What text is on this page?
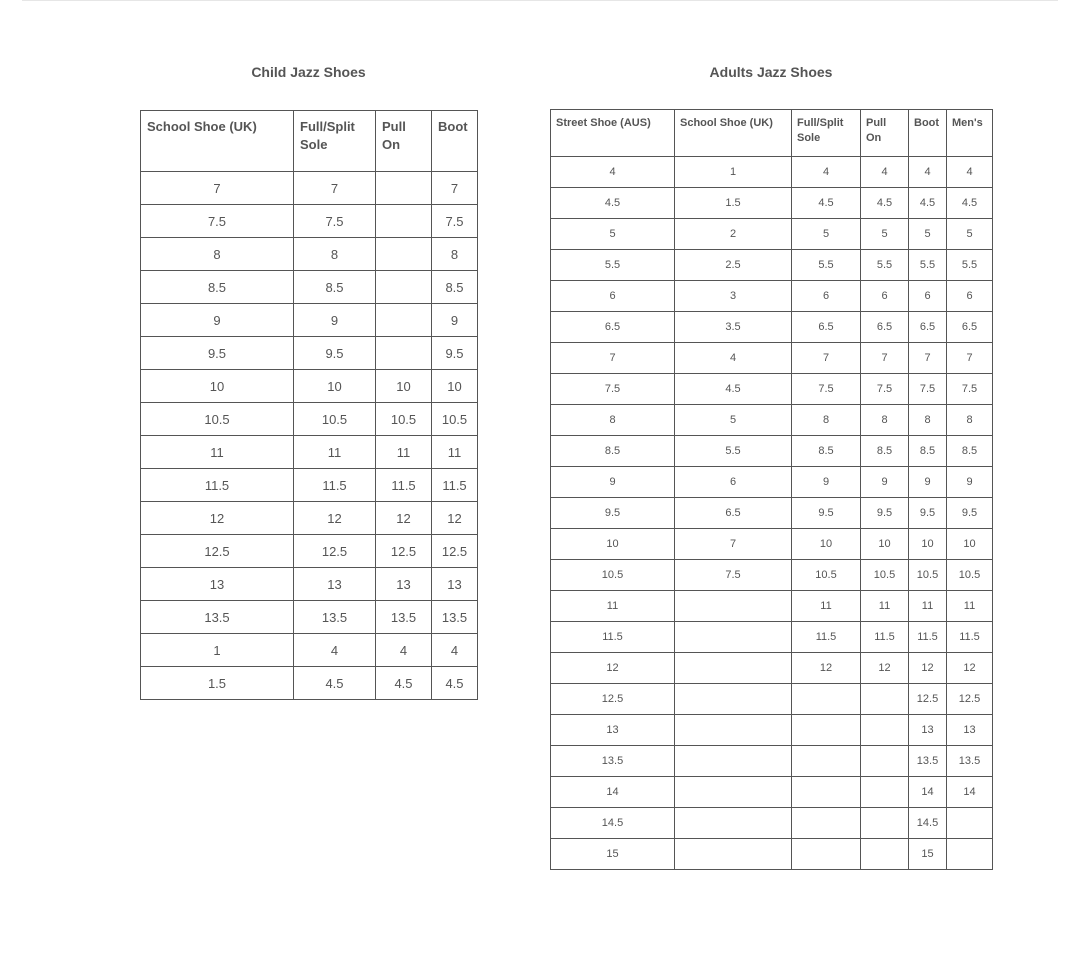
Child Jazz Shoes
School Shoe (UK)	Full/Split Sole	Pull On	Boot
7	7		7
7.5	7.5		7.5
8	8		8
8.5	8.5		8.5
9	9		9
9.5	9.5		9.5
10	10	10	10
10.5	10.5	10.5	10.5
11	11	11	11
11.5	11.5	11.5	11.5
12	12	12	12
12.5	12.5	12.5	12.5
13	13	13	13
13.5	13.5	13.5	13.5
1	4	4	4
1.5	4.5	4.5	4.5
Adults Jazz Shoes
Street Shoe (AUS)	School Shoe (UK)	Full/Split Sole	Pull On	Boot	Men's
4	1	4	4	4	4
4.5	1.5	4.5	4.5	4.5	4.5
5	2	5	5	5	5
5.5	2.5	5.5	5.5	5.5	5.5
6	3	6	6	6	6
6.5	3.5	6.5	6.5	6.5	6.5
7	4	7	7	7	7
7.5	4.5	7.5	7.5	7.5	7.5
8	5	8	8	8	8
8.5	5.5	8.5	8.5	8.5	8.5
9	6	9	9	9	9
9.5	6.5	9.5	9.5	9.5	9.5
10	7	10	10	10	10
10.5	7.5	10.5	10.5	10.5	10.5
11		11	11	11	11
11.5		11.5	11.5	11.5	11.5
12		12	12	12	12
12.5				12.5	12.5
13				13	13
13.5				13.5	13.5
14				14	14
14.5				14.5	
15				15	
